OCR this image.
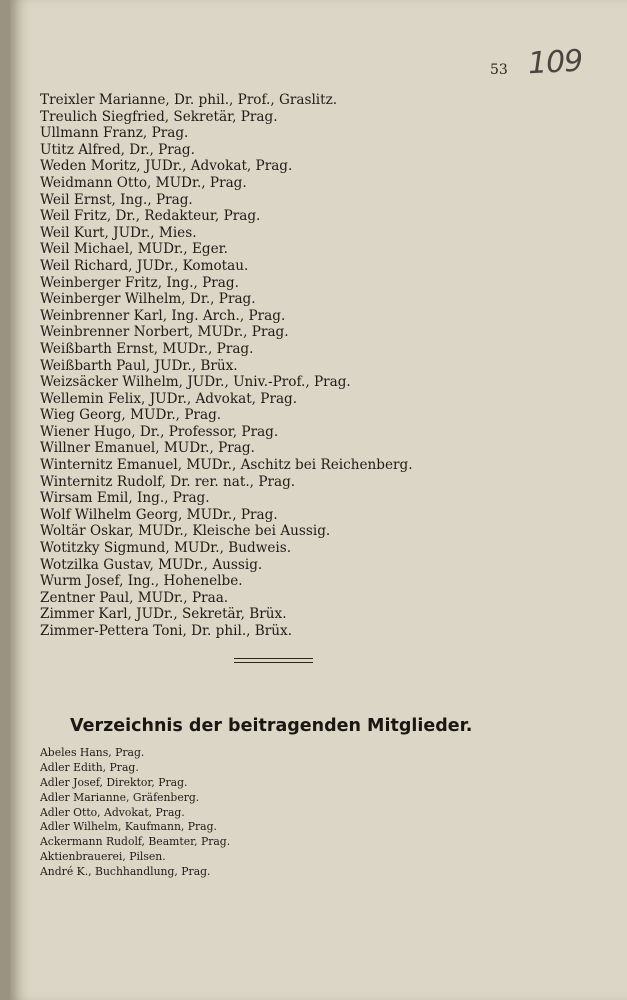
53 109
Treixler Marianne, Dr. phil., Prof., Graslitz.
Treulich Siegfried, Sekretär, Prag.
Ullmann Franz, Prag.
Utitz Alfred, Dr., Prag.
Weden Moritz, JUDr., Advokat, Prag.
Weidmann Otto, MUDr., Prag.
Weil Ernst, Ing., Prag.
Weil Fritz, Dr., Redakteur, Prag.
Weil Kurt, JUDr., Mies.
Weil Michael, MUDr., Eger.
Weil Richard, JUDr., Komotau.
Weinberger Fritz, Ing., Prag.
Weinberger Wilhelm, Dr., Prag.
Weinbrenner Karl, Ing. Arch., Prag.
Weinbrenner Norbert, MUDr., Prag.
Weißbarth Ernst, MUDr., Prag.
Weißbarth Paul, JUDr., Brüx.
Weizsäcker Wilhelm, JUDr., Univ.-Prof., Prag.
Wellemin Felix, JUDr., Advokat, Prag.
Wieg Georg, MUDr., Prag.
Wiener Hugo, Dr., Professor, Prag.
Willner Emanuel, MUDr., Prag.
Winternitz Emanuel, MUDr., Aschitz bei Reichenberg.
Winternitz Rudolf, Dr. rer. nat., Prag.
Wirsam Emil, Ing., Prag.
Wolf Wilhelm Georg, MUDr., Prag.
Woltär Oskar, MUDr., Kleische bei Aussig.
Wotitzky Sigmund, MUDr., Budweis.
Wotzilka Gustav, MUDr., Aussig.
Wurm Josef, Ing., Hohenelbe.
Zentner Paul, MUDr., Praa.
Zimmer Karl, JUDr., Sekretär, Brüx.
Zimmer-Pettera Toni, Dr. phil., Brüx.
Verzeichnis der beitragenden Mitglieder.
Abeles Hans, Prag.
Adler Edith, Prag.
Adler Josef, Direktor, Prag.
Adler Marianne, Gräfenberg.
Adler Otto, Advokat, Prag.
Adler Wilhelm, Kaufmann, Prag.
Ackermann Rudolf, Beamter, Prag.
Aktienbrauerei, Pilsen.
André K., Buchhandlung, Prag.
